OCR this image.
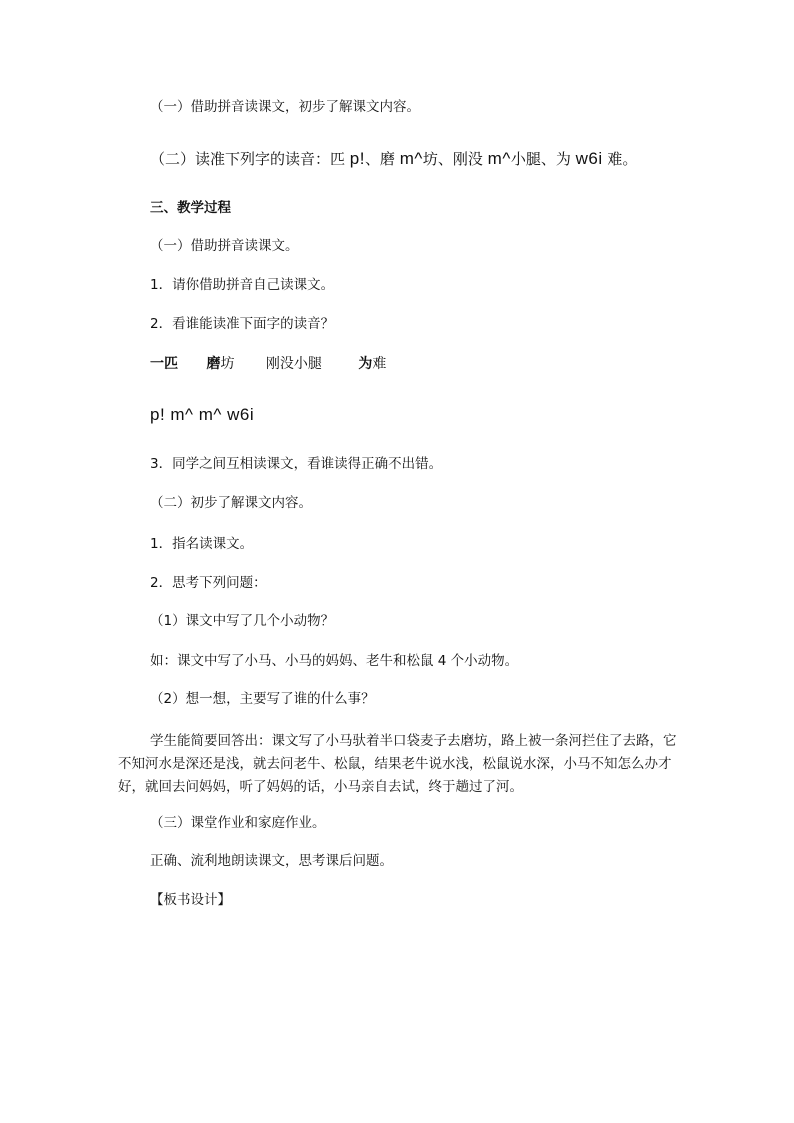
（一）借助拼音读课文，初步了解课文内容。
（二）读准下列字的读音：匹 p!、磨 m^坊、刚没 m^小腿、为 w6i 难。
三、教学过程
（一）借助拼音读课文。
1．请你借助拼音自己读课文。
2．看谁能读准下面字的读音？
一匹 磨坊 刚没小腿	为难
p! m^ m^ w6i
3．同学之间互相读课文，看谁读得正确不出错。
（二）初步了解课文内容。
1．指名读课文。
2．思考下列问题：
（1）课文中写了几个小动物？
如：课文中写了小马、小马的妈妈、老牛和松鼠 4 个小动物。
（2）想一想，主要写了谁的什么事？
学生能简要回答出：课文写了小马驮着半口袋麦子去磨坊，路上被一条河拦住了去路，它不知河水是深还是浅，就去问老牛、松鼠，结果老牛说水浅，松鼠说水深，小马不知怎么办才好，就回去问妈妈，听了妈妈的话，小马亲自去试，终于趟过了河。
（三）课堂作业和家庭作业。
正确、流利地朗读课文，思考课后问题。
【板书设计】
